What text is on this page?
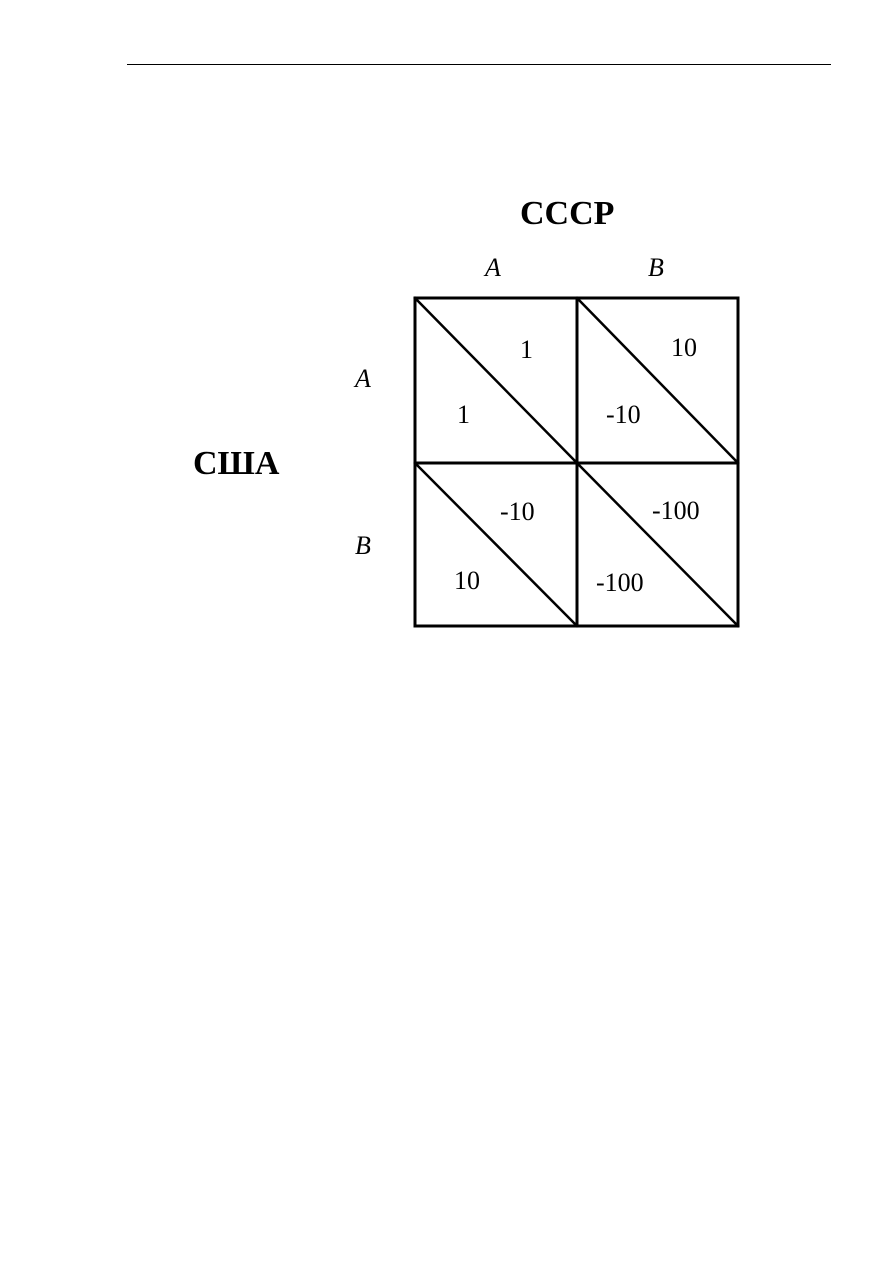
СССР
США
A	B
A
B
1
1
10
-10
-10
10
-100
-100
